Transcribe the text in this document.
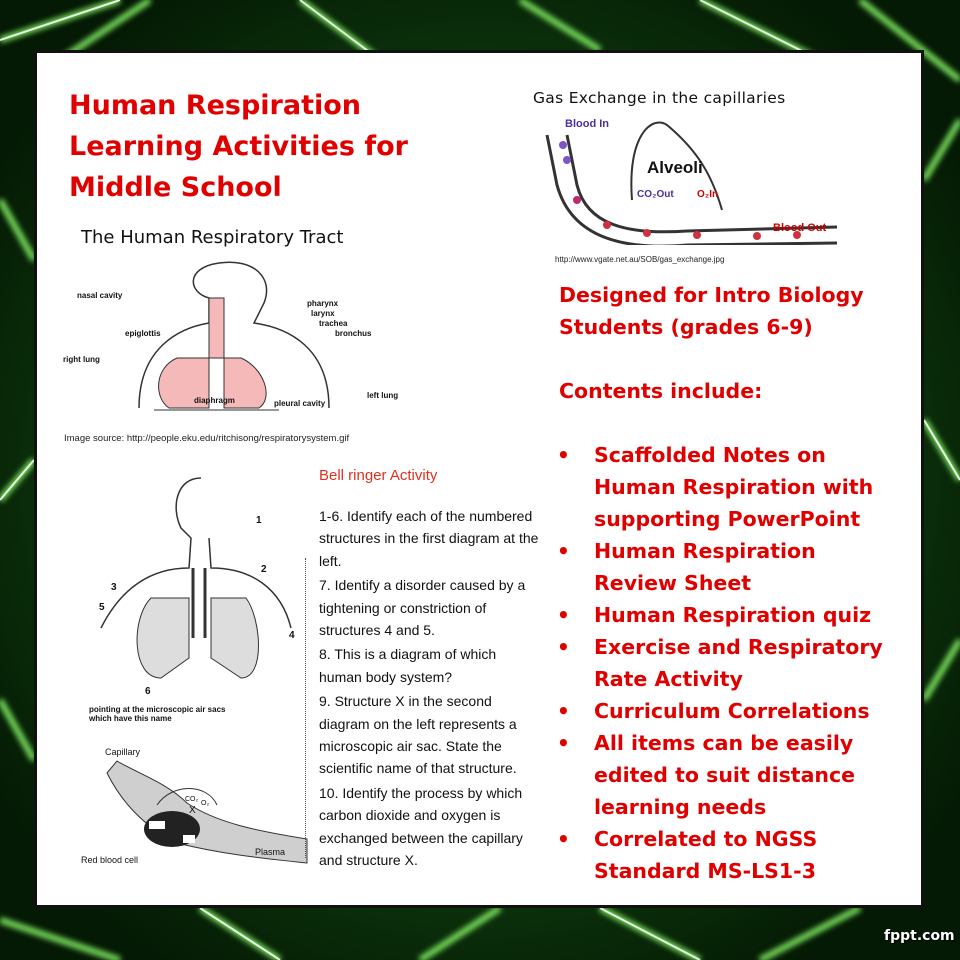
Human Respiration Learning Activities for Middle School
The Human Respiratory Tract
nasal cavity
epiglottis
right lung
pharynx
larynx
trachea
bronchus
left lung
diaphragm	pleural cavity
Image source: http://people.eku.edu/ritchisong/respiratorysystem.gif
Gas Exchange in the capillaries
Blood In
Alveoli
CO₂Out O₂In
Blood Out
http://www.vgate.net.au/SOB/gas_exchange.jpg
1
2
3
4
5
6
pointing at the microscopic air sacs which have this name
Capillary
CO₂
O₂
X
Red blood cell
Plasma
Bell ringer Activity

1-6. Identify each of the numbered structures in the first diagram at the left.

7. Identify a disorder caused by a tightening or constriction of structures 4 and 5.

8. This is a diagram of which human body system?

9. Structure X in the second diagram on the left represents a microscopic air sac. State the scientific name of that structure.

10. Identify the process by which carbon dioxide and oxygen is exchanged between the capillary and structure X.

Designed for Intro Biology Students (grades 6-9)
Contents include:
• Scaffolded Notes on Human Respiration with supporting PowerPoint
• Human Respiration Review Sheet
• Human Respiration quiz
• Exercise and Respiratory Rate Activity
• Curriculum Correlations
• All items can be easily edited to suit distance learning needs
• Correlated to NGSS Standard MS-LS1-3
fppt.com
